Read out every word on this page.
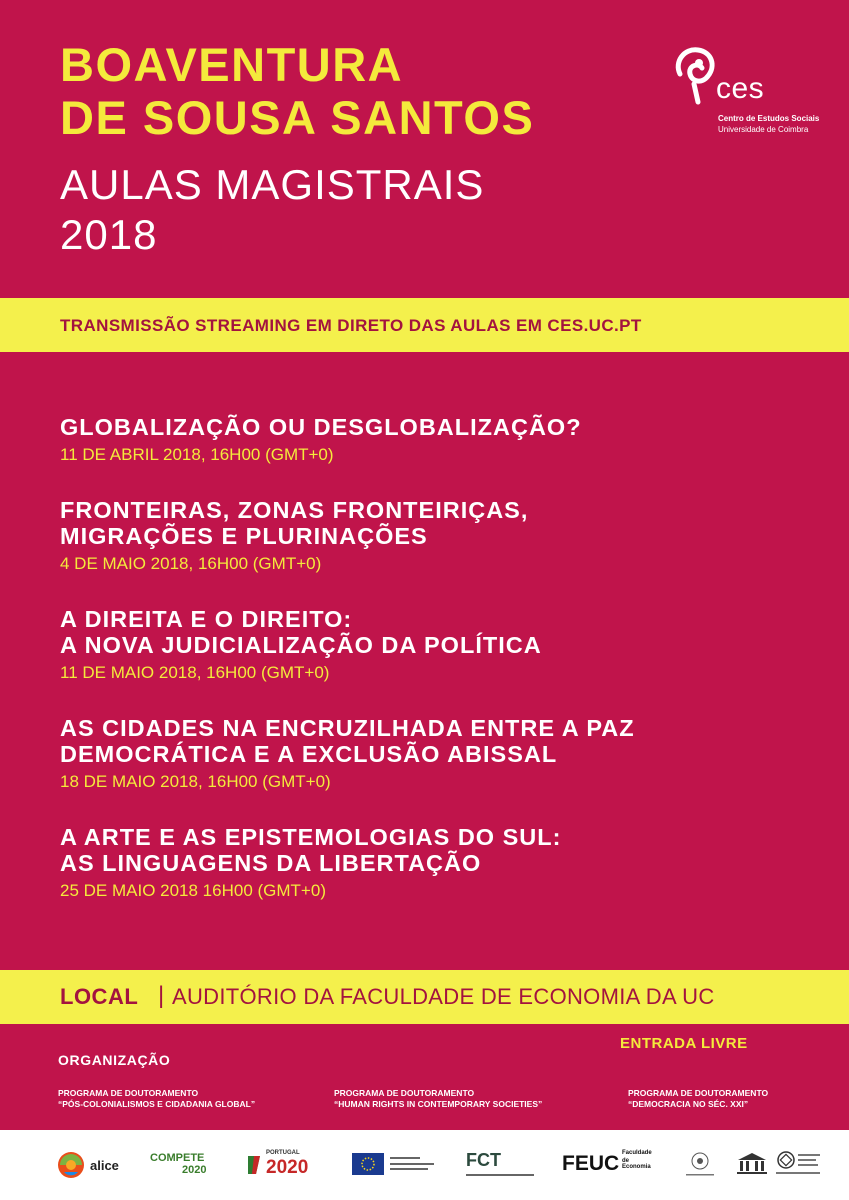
BOAVENTURA
DE SOUSA SANTOS
AULAS MAGISTRAIS
2018
ces
Centro de Estudos Sociais
Universidade de Coimbra
TRANSMISSÃO STREAMING EM DIRETO DAS AULAS EM CES.UC.PT
GLOBALIZAÇÃO OU DESGLOBALIZAÇÃO?
11 DE ABRIL 2018, 16H00 (GMT+0)
FRONTEIRAS, ZONAS FRONTEIRIÇAS,
MIGRAÇÕES E PLURINAÇÕES
4 DE MAIO 2018, 16H00 (GMT+0)
A DIREITA E O DIREITO:
A NOVA JUDICIALIZAÇÃO DA POLÍTICA
11 DE MAIO 2018, 16H00 (GMT+0)
AS CIDADES NA ENCRUZILHADA ENTRE A PAZ
DEMOCRÁTICA E A EXCLUSÃO ABISSAL
18 DE MAIO 2018, 16H00 (GMT+0)
A ARTE E AS EPISTEMOLOGIAS DO SUL:
AS LINGUAGENS DA LIBERTAÇÃO
25 DE MAIO 2018 16H00 (GMT+0)
LOCAL | AUDITÓRIO DA FACULDADE DE ECONOMIA DA UC
ENTRADA LIVRE
ORGANIZAÇÃO
PROGRAMA DE DOUTORAMENTO
“PÓS-COLONIALISMOS E CIDADANIA GLOBAL”
PROGRAMA DE DOUTORAMENTO
“HUMAN RIGHTS IN CONTEMPORARY SOCIETIES”
PROGRAMA DE DOUTORAMENTO
“DEMOCRACIA NO SÉC. XXI”
alice	COMPETE
2020
PORTUGAL
2020	FCT	FEUC Faculdade
de Economia
